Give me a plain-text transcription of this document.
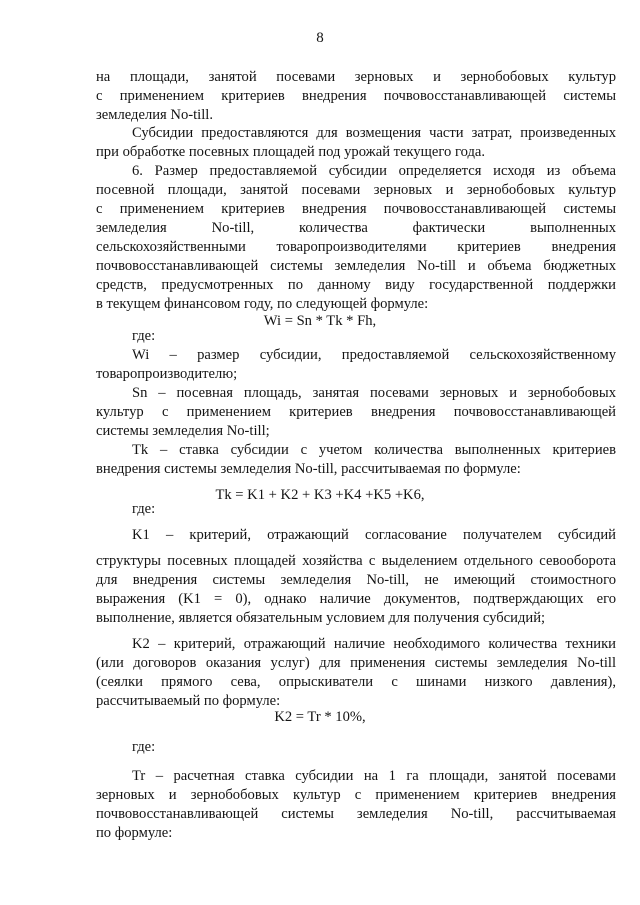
8
на площади, занятой посевами зерновых и зернобобовых культур
с применением критериев внедрения почвовосстанавливающей системы
земледелия No-till.
Субсидии предоставляются для возмещения части затрат, произведенных
при обработке посевных площадей под урожай текущего года.
6. Размер предоставляемой субсидии определяется исходя из объема
посевной площади, занятой посевами зерновых и зернобобовых культур
с применением критериев внедрения почвовосстанавливающей системы
земледелия No-till, количества фактически выполненных
сельскохозяйственными товаропроизводителями критериев внедрения
почвовосстанавливающей системы земледелия No-till и объема бюджетных
средств, предусмотренных по данному виду государственной поддержки
в текущем финансовом году, по следующей формуле:
Wi = Sn * Tk * Fh,
где:
Wi – размер субсидии, предоставляемой сельскохозяйственному
товаропроизводителю;
Sn – посевная площадь, занятая посевами зерновых и зернобобовых
культур с применением критериев внедрения почвовосстанавливающей
системы земледелия No-till;
Tk – ставка субсидии с учетом количества выполненных критериев
внедрения системы земледелия No-till, рассчитываемая по формуле:
Tk = K1 + K2 + K3 +K4 +K5 +K6,
где:
K1 – критерий, отражающий согласование получателем субсидий
структуры посевных площадей хозяйства с выделением отдельного севооборота
для внедрения системы земледелия No-till, не имеющий стоимостного
выражения (K1 = 0), однако наличие документов, подтверждающих его
выполнение, является обязательным условием для получения субсидий;
K2 – критерий, отражающий наличие необходимого количества техники
(или договоров оказания услуг) для применения системы земледелия No-till
(сеялки прямого сева, опрыскиватели с шинами низкого давления),
рассчитываемый по формуле:
K2 = Tr * 10%,
где:
Tr – расчетная ставка субсидии на 1 га площади, занятой посевами
зерновых и зернобобовых культур с применением критериев внедрения
почвовосстанавливающей системы земледелия No-till, рассчитываемая
по формуле:
